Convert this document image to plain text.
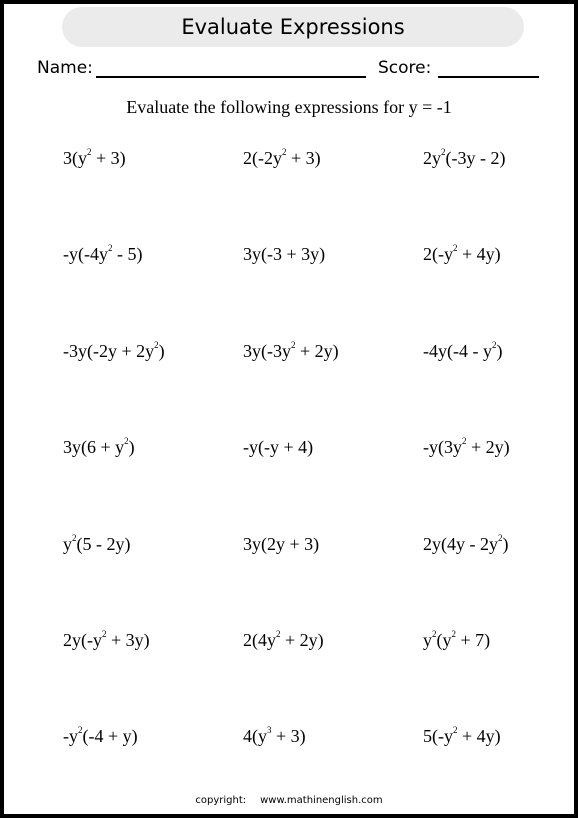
Evaluate Expressions
Name:	Score:
Evaluate the following expressions for y = -1
$3(y^2 + 3)$	$2(-2y^2 + 3)$	$2y^2(-3y - 2)$
$-y(-4y^2 - 5)$	3y(-3 + 3y)	$2(-y^2 + 4y)$
$-3y(-2y + 2y^2)$	$3y(-3y^2 + 2y)$	$-4y(-4 - y^2)$
$3y(6 + y^2)$	-y(-y + 4)	$-y(3y^2 + 2y)$
$y^2(5 - 2y)$	3y(2y + 3)	$2y(4y - 2y^2)$
$2y(-y^2 + 3y)$	$2(4y^2 + 2y)$	$y^2(y^2 + 7)$
$-y^2(-4 + y)$	$4(y^3 + 3)$	$5(-y^2 + 4y)$
copyright: www.mathinenglish.com
